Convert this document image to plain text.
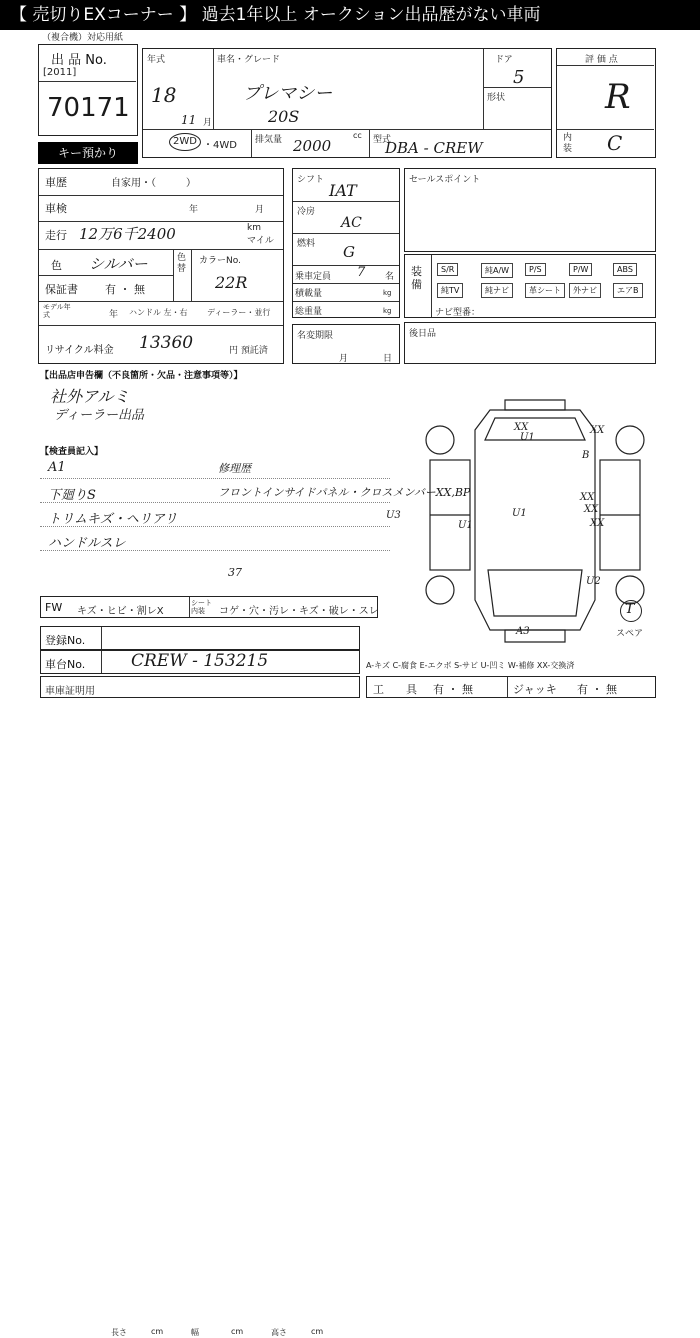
【 売切りEXコーナー 】 過去1年以上 オークション出品歴がない車両
（複合機）対応用紙
出 品 No.
[2011]
70171
キー預かり
年式
18
11 月
車名・グレード
プレマシー
20S
ドア
5
形状
2WD ・4WD 排気量 2000
cc 型式
DBA - CREW
評 価 点
R
内装 C
車歴	自家用・（　　　）
車検	年	月
走行 12万6千2400	km
マイル
色 シルバー	色替
カラーNo.
22R
保証書 有 ・ 無
モデル年式	年 ハンドル 左・右 ディーラー・並行
リサイクル料金 13360	円 預託済
シフト
IAT
冷房
AC
燃料 G
乗車定員 7 名
積載量	kg
総重量	kg
名変期限
月	日
セールスポイント
装備
S/R	純A/W	P/S	P/W	ABS
純TV	純ナビ	革シート	外ナビ	エアB
ナビ型番：
後日品
【出品店申告欄（不良箇所・欠品・注意事項等）】
社外アルミ
ディーラー出品
【検査員記入】
A1
下廻りS
トリムキズ・ヘリアリ
ハンドルスレ
修理歴
フロントインサイドパネル・クロスメンバーXX,BP
37
XX	XX
XX
XX
XX
U1
U1
U1
U2
U3
A3
B
T
スペア
A-キズ C-腐食 E-エクボ S-サビ U-凹ミ W-補修 XX-交換済
FW キズ・ヒビ・割レX
シート内装	コゲ・穴・汚レ・キズ・破レ・スレ
登録No.
車台No.	CREW - 153215
車庫証明用
長さ	cm	幅	cm	高さ	cm
工　　具 有 ・ 無	ジャッキ 有 ・ 無
